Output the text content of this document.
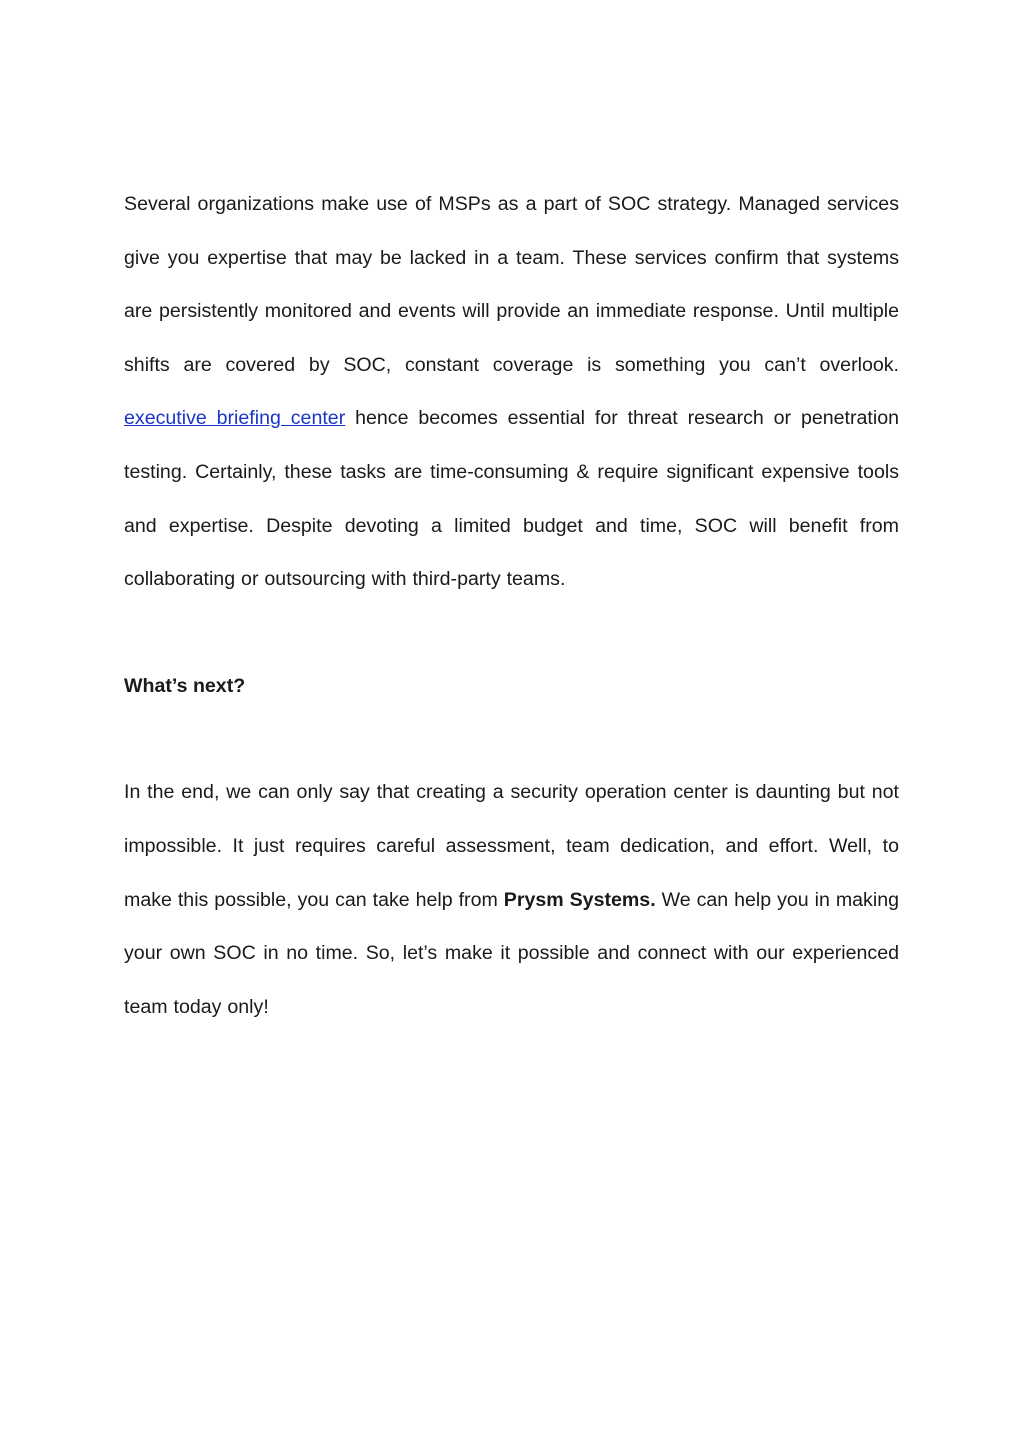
Several organizations make use of MSPs as a part of SOC strategy. Managed services give you expertise that may be lacked in a team. These services confirm that systems are persistently monitored and events will provide an immediate response. Until multiple shifts are covered by SOC, constant coverage is something you can’t overlook. executive briefing center hence becomes essential for threat research or penetration testing. Certainly, these tasks are time-consuming & require significant expensive tools and expertise. Despite devoting a limited budget and time, SOC will benefit from collaborating or outsourcing with third-party teams.

What’s next?

In the end, we can only say that creating a security operation center is daunting but not impossible. It just requires careful assessment, team dedication, and effort. Well, to make this possible, you can take help from Prysm Systems. We can help you in making your own SOC in no time. So, let’s make it possible and connect with our experienced team today only!
